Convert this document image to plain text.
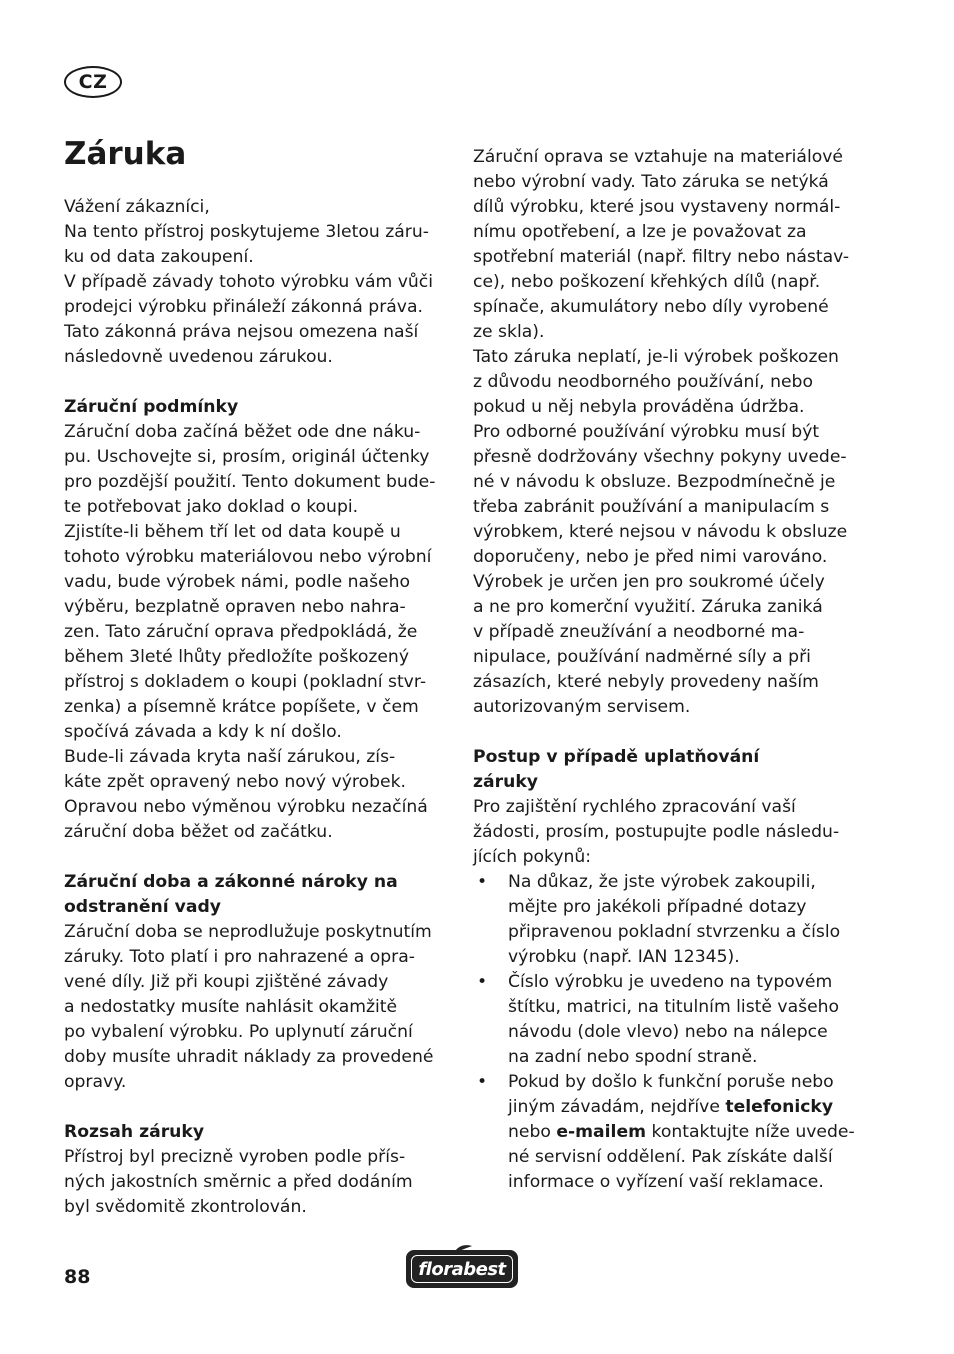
CZ
Záruka

Vážení zákazníci,
Na tento přístroj poskytujeme 3letou záru-
ku od data zakoupení.
V případě závady tohoto výrobku vám vůči
prodejci výrobku přináleží zákonná práva.
Tato zákonná práva nejsou omezena naší
následovně uvedenou zárukou.

Záruční podmínky

Záruční doba začíná běžet ode dne náku-
pu. Uschovejte si, prosím, originál účtenky
pro pozdější použití. Tento dokument bude-
te potřebovat jako doklad o koupi.
Zjistíte-li během tří let od data koupě u
tohoto výrobku materiálovou nebo výrobní
vadu, bude výrobek námi, podle našeho
výběru, bezplatně opraven nebo nahra-
zen. Tato záruční oprava předpokládá, že
během 3leté lhůty předložíte poškozený
přístroj s dokladem o koupi (pokladní stvr-
zenka) a písemně krátce popíšete, v čem
spočívá závada a kdy k ní došlo.
Bude-li závada kryta naší zárukou, zís-
káte zpět opravený nebo nový výrobek.
Opravou nebo výměnou výrobku nezačíná
záruční doba běžet od začátku.

Záruční doba a zákonné nároky na
odstranění vady

Záruční doba se neprodlužuje poskytnutím
záruky. Toto platí i pro nahrazené a opra-
vené díly. Již při koupi zjištěné závady
a nedostatky musíte nahlásit okamžitě
po vybalení výrobku. Po uplynutí záruční
doby musíte uhradit náklady za provedené
opravy.

Rozsah záruky

Přístroj byl precizně vyroben podle přís-
ných jakostních směrnic a před dodáním
byl svědomitě zkontrolován.

Záruční oprava se vztahuje na materiálové
nebo výrobní vady. Tato záruka se netýká
dílů výrobku, které jsou vystaveny normál-
nímu opotřebení, a lze je považovat za
spotřební materiál (např. filtry nebo nástav-
ce), nebo poškození křehkých dílů (např.
spínače, akumulátory nebo díly vyrobené
ze skla).

Tato záruka neplatí, je-li výrobek poškozen
z důvodu neodborného používání, nebo
pokud u něj nebyla prováděna údržba.
Pro odborné používání výrobku musí být
přesně dodržovány všechny pokyny uvede-
né v návodu k obsluze. Bezpodmínečně je
třeba zabránit používání a manipulacím s
výrobkem, které nejsou v návodu k obsluze
doporučeny, nebo je před nimi varováno.
Výrobek je určen jen pro soukromé účely
a ne pro komerční využití. Záruka zaniká
v případě zneužívání a neodborné ma-
nipulace, používání nadměrné síly a při
zásazích, které nebyly provedeny naším
autorizovaným servisem.

Postup v případě uplatňování
záruky

Pro zajištění rychlého zpracování vaší
žádosti, prosím, postupujte podle následu-
jících pokynů:

• Na důkaz, že jste výrobek zakoupili,
mějte pro jakékoli případné dotazy
připravenou pokladní stvrzenku a číslo
výrobku (např. IAN 12345).
• Číslo výrobku je uvedeno na typovém
štítku, matrici, na titulním listě vašeho
návodu (dole vlevo) nebo na nálepce
na zadní nebo spodní straně.
• Pokud by došlo k funkční poruše nebo
jiným závadám, nejdříve telefonicky
nebo e-mailem kontaktujte níže uvede-
né servisní oddělení. Pak získáte další
informace o vyřízení vaší reklamace.
88	florabest
